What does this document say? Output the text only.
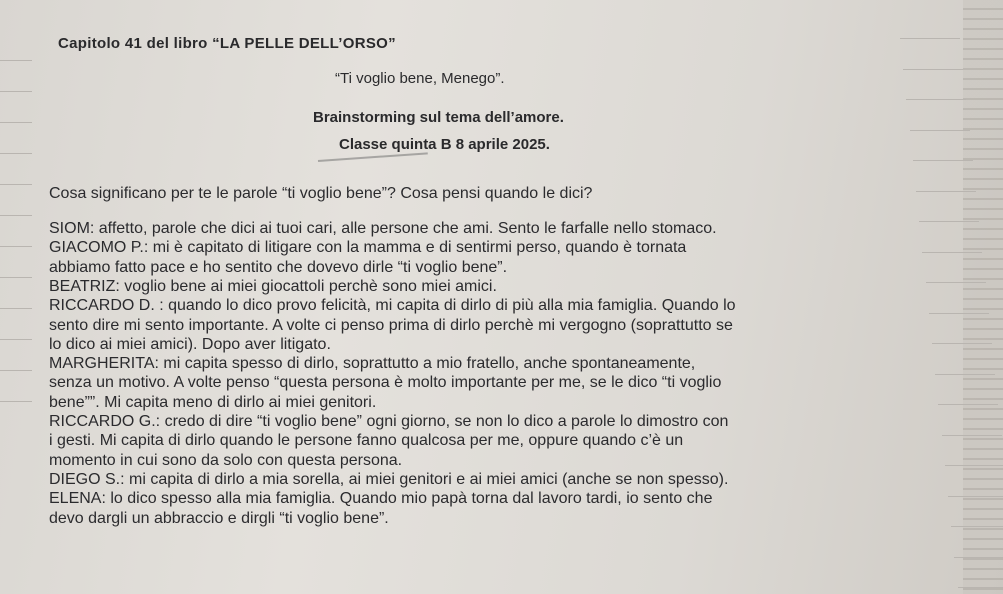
Capitolo 41 del libro “LA PELLE DELL’ORSO”
“Ti voglio bene, Menego”.
Brainstorming sul tema dell’amore.
Classe quinta B 8 aprile 2025.
Cosa significano per te le parole “ti voglio bene”? Cosa pensi quando le dici?
SIOM: affetto, parole che dici ai tuoi cari, alle persone che ami. Sento le farfalle nello stomaco.
GIACOMO P.: mi è capitato di litigare con la mamma e di sentirmi perso, quando è tornata
abbiamo fatto pace e ho sentito che dovevo dirle “ti voglio bene”.
BEATRIZ: voglio bene ai miei giocattoli perchè sono miei amici.
RICCARDO D. : quando lo dico provo felicità, mi capita di dirlo di più alla mia famiglia. Quando lo
sento dire mi sento importante. A volte ci penso prima di dirlo perchè mi vergogno (soprattutto se
lo dico ai miei amici). Dopo aver litigato.
MARGHERITA: mi capita spesso di dirlo, soprattutto a mio fratello, anche spontaneamente,
senza un motivo. A volte penso “questa persona è molto importante per me, se le dico “ti voglio
bene””. Mi capita meno di dirlo ai miei genitori.
RICCARDO G.: credo di dire “ti voglio bene” ogni giorno, se non lo dico a parole lo dimostro con
i gesti. Mi capita di dirlo quando le persone fanno qualcosa per me, oppure quando c’è un
momento in cui sono da solo con questa persona.
DIEGO S.: mi capita di dirlo a mia sorella, ai miei genitori e ai miei amici (anche se non spesso).
ELENA: lo dico spesso alla mia famiglia. Quando mio papà torna dal lavoro tardi, io sento che
devo dargli un abbraccio e dirgli “ti voglio bene”.
